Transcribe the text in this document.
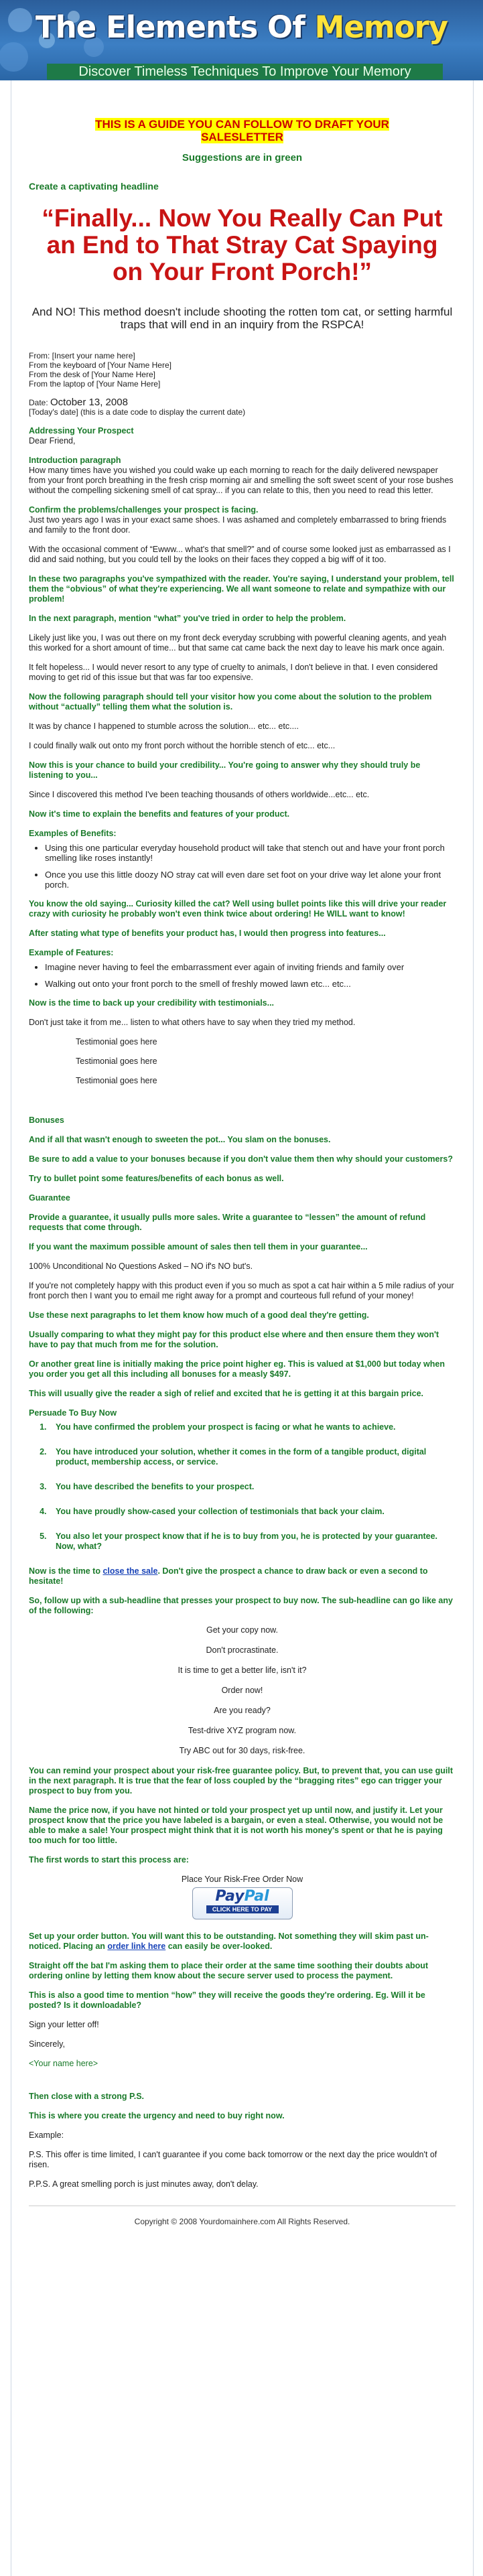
The Elements Of Memory
Discover Timeless Techniques To Improve Your Memory
THIS IS A GUIDE YOU CAN FOLLOW TO DRAFT YOUR SALESLETTER
Suggestions are in green
Create a captivating headline
“Finally... Now You Really Can Put an End to That Stray Cat Spaying on Your Front Porch!”
And NO! This method doesn't include shooting the rotten tom cat, or setting harmful traps that will end in an inquiry from the RSPCA!
From: [Insert your name here]
From the keyboard of [Your Name Here]
From the desk of [Your Name Here]
From the laptop of [Your Name Here]
Date: October 13, 2008
[Today's date] (this is a date code to display the current date)
Addressing Your Prospect
Dear Friend,
Introduction paragraph
How many times have you wished you could wake up each morning to reach for the daily delivered newspaper from your front porch breathing in the fresh crisp morning air and smelling the soft sweet scent of your rose bushes without the compelling sickening smell of cat spray... if you can relate to this, then you need to read this letter.
Confirm the problems/challenges your prospect is facing.
Just two years ago I was in your exact same shoes. I was ashamed and completely embarrassed to bring friends and family to the front door.
With the occasional comment of “Ewww... what's that smell?” and of course some looked just as embarrassed as I did and said nothing, but you could tell by the looks on their faces they copped a big wiff of it too.
In these two paragraphs you've sympathized with the reader. You're saying, I understand your problem, tell them the “obvious” of what they're experiencing. We all want someone to relate and sympathize with our problem!
In the next paragraph, mention “what” you've tried in order to help the problem.
Likely just like you, I was out there on my front deck everyday scrubbing with powerful cleaning agents, and yeah this worked for a short amount of time... but that same cat came back the next day to leave his mark once again.
It felt hopeless... I would never resort to any type of cruelty to animals, I don't believe in that. I even considered moving to get rid of this issue but that was far too expensive.
Now the following paragraph should tell your visitor how you come about the solution to the problem without “actually” telling them what the solution is.
It was by chance I happened to stumble across the solution... etc... etc....
I could finally walk out onto my front porch without the horrible stench of etc... etc...
Now this is your chance to build your credibility... You're going to answer why they should truly be listening to you...
Since I discovered this method I've been teaching thousands of others worldwide...etc... etc.
Now it's time to explain the benefits and features of your product.
Examples of Benefits:
• Using this one particular everyday household product will take that stench out and have your front porch smelling like roses instantly!
• Once you use this little doozy NO stray cat will even dare set foot on your drive way let alone your front porch.
You know the old saying... Curiosity killed the cat? Well using bullet points like this will drive your reader crazy with curiosity he probably won't even think twice about ordering! He WILL want to know!
After stating what type of benefits your product has, I would then progress into features...
Example of Features:
• Imagine never having to feel the embarrassment ever again of inviting friends and family over
• Walking out onto your front porch to the smell of freshly mowed lawn etc... etc...
Now is the time to back up your credibility with testimonials...
Don't just take it from me... listen to what others have to say when they tried my method.
Testimonial goes here
Testimonial goes here
Testimonial goes here
Bonuses
And if all that wasn't enough to sweeten the pot... You slam on the bonuses.
Be sure to add a value to your bonuses because if you don't value them then why should your customers?
Try to bullet point some features/benefits of each bonus as well.
Guarantee
Provide a guarantee, it usually pulls more sales. Write a guarantee to “lessen” the amount of refund requests that come through.
If you want the maximum possible amount of sales then tell them in your guarantee...
100% Unconditional No Questions Asked – NO if's NO but's.
If you're not completely happy with this product even if you so much as spot a cat hair within a 5 mile radius of your front porch then I want you to email me right away for a prompt and courteous full refund of your money!
Use these next paragraphs to let them know how much of a good deal they're getting.
Usually comparing to what they might pay for this product else where and then ensure them they won't have to pay that much from me for the solution.
Or another great line is initially making the price point higher eg. This is valued at $1,000 but today when you order you get all this including all bonuses for a measly $497.
This will usually give the reader a sigh of relief and excited that he is getting it at this bargain price.
Persuade To Buy Now
1. You have confirmed the problem your prospect is facing or what he wants to achieve.
2. You have introduced your solution, whether it comes in the form of a tangible product, digital product, membership access, or service.
3. You have described the benefits to your prospect.
4. You have proudly show-cased your collection of testimonials that back your claim.
5. You also let your prospect know that if he is to buy from you, he is protected by your guarantee. Now, what?
Now is the time to close the sale. Don't give the prospect a chance to draw back or even a second to hesitate!
So, follow up with a sub-headline that presses your prospect to buy now. The sub-headline can go like any of the following:
Get your copy now.
Don't procrastinate.
It is time to get a better life, isn't it?
Order now!
Are you ready?
Test-drive XYZ program now.
Try ABC out for 30 days, risk-free.
You can remind your prospect about your risk-free guarantee policy. But, to prevent that, you can use guilt in the next paragraph. It is true that the fear of loss coupled by the “bragging rites” ego can trigger your prospect to buy from you.
Name the price now, if you have not hinted or told your prospect yet up until now, and justify it. Let your prospect know that the price you have labeled is a bargain, or even a steal. Otherwise, you would not be able to make a sale! Your prospect might think that it is not worth his money's spent or that he is paying too much for too little.
The first words to start this process are:
Place Your Risk-Free Order Now
PayPal
CLICK HERE TO PAY
Set up your order button. You will want this to be outstanding. Not something they will skim past un-noticed. Placing an order link here can easily be over-looked.
Straight off the bat I'm asking them to place their order at the same time soothing their doubts about ordering online by letting them know about the secure server used to process the payment.
This is also a good time to mention “how” they will receive the goods they're ordering. Eg. Will it be posted? Is it downloadable?
Sign your letter off!
Sincerely,
<Your name here>
Then close with a strong P.S.
This is where you create the urgency and need to buy right now.
Example:
P.S. This offer is time limited, I can't guarantee if you come back tomorrow or the next day the price wouldn't of risen.
P.P.S. A great smelling porch is just minutes away, don't delay.
Copyright © 2008 Yourdomainhere.com All Rights Reserved.
